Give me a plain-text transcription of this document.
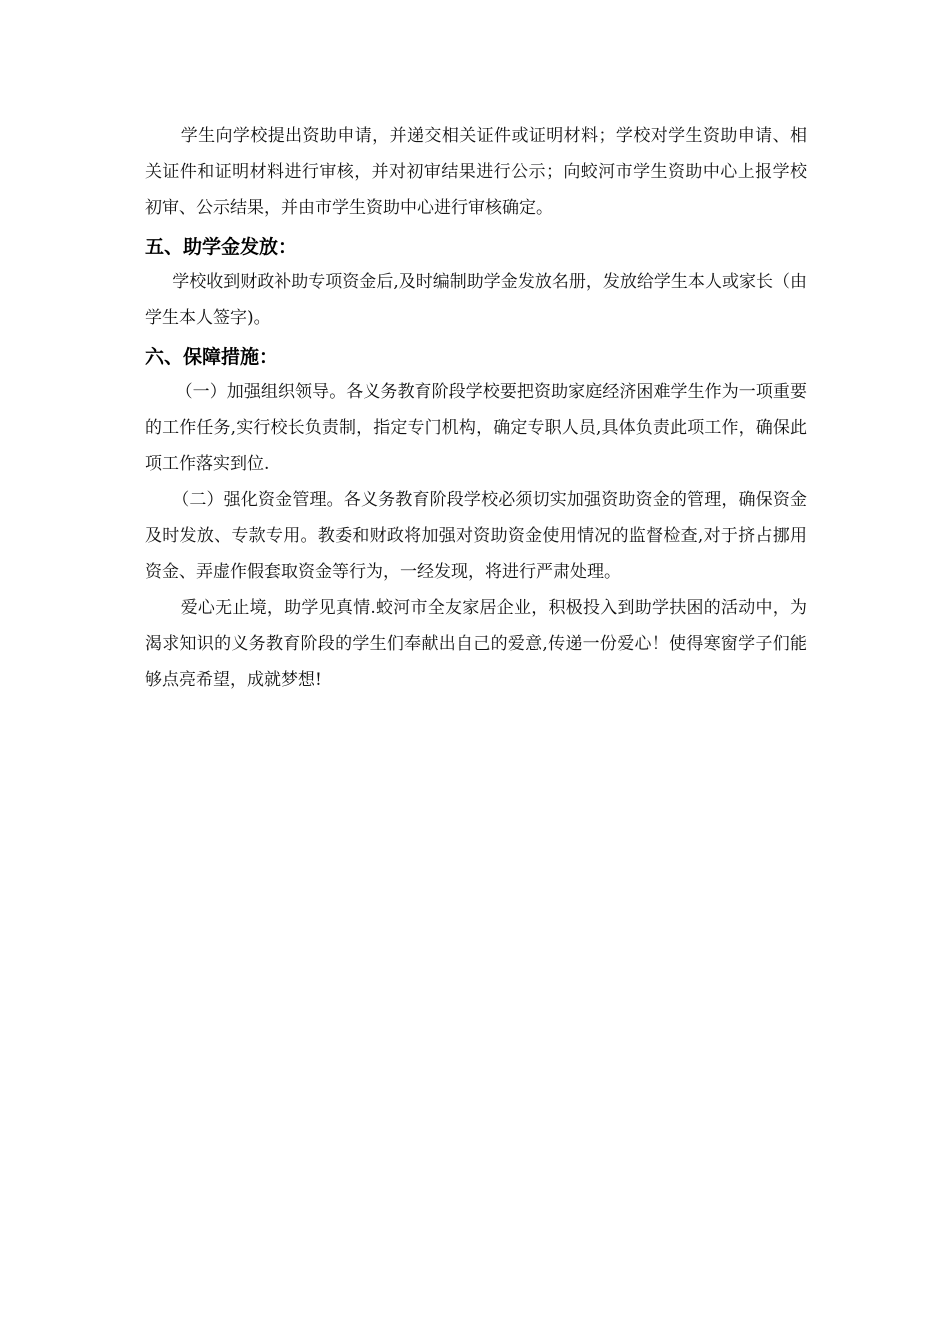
学生向学校提出资助申请，并递交相关证件或证明材料；学校对学生资助申请、相关证件和证明材料进行审核，并对初审结果进行公示；向蛟河市学生资助中心上报学校初审、公示结果，并由市学生资助中心进行审核确定。

五、助学金发放：

学校收到财政补助专项资金后,及时编制助学金发放名册，发放给学生本人或家长（由学生本人签字)。

六、保障措施：

（一）加强组织领导。各义务教育阶段学校要把资助家庭经济困难学生作为一项重要的工作任务,实行校长负责制，指定专门机构，确定专职人员,具体负责此项工作，确保此项工作落实到位.

（二）强化资金管理。各义务教育阶段学校必须切实加强资助资金的管理，确保资金及时发放、专款专用。教委和财政将加强对资助资金使用情况的监督检查,对于挤占挪用资金、弄虚作假套取资金等行为，一经发现，将进行严肃处理。

爱心无止境，助学见真情.蛟河市全友家居企业，积极投入到助学扶困的活动中，为渴求知识的义务教育阶段的学生们奉献出自己的爱意,传递一份爱心！使得寒窗学子们能够点亮希望，成就梦想!
